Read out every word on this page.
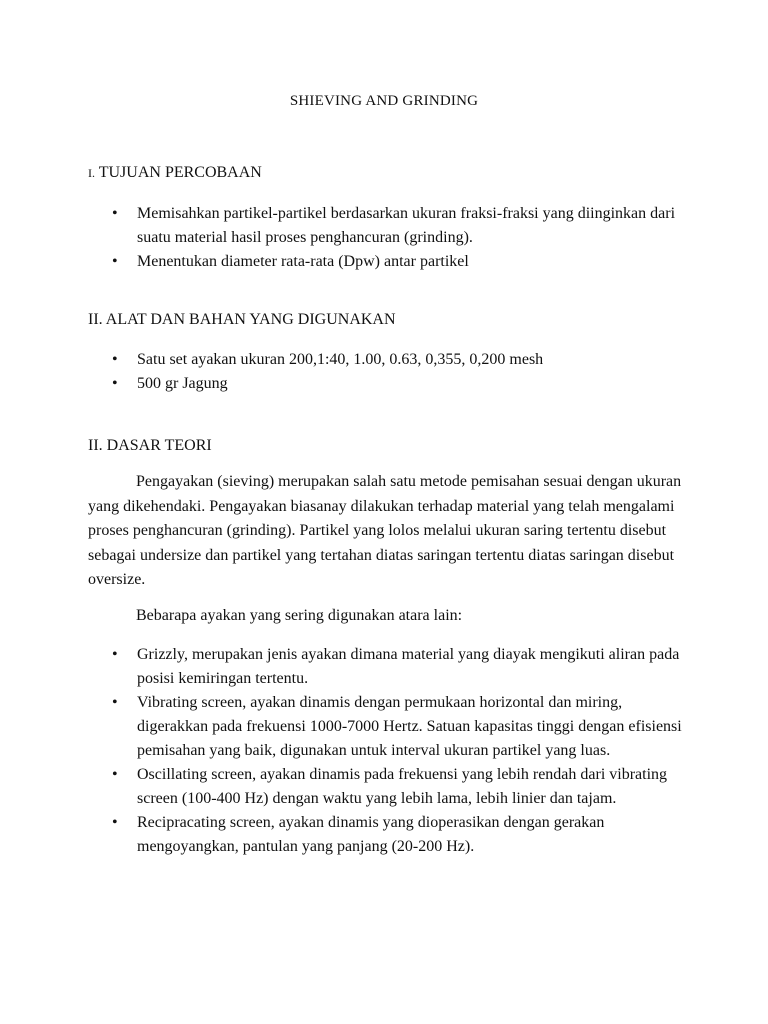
SHIEVING AND GRINDING
I. TUJUAN PERCOBAAN
• Memisahkan partikel-partikel berdasarkan ukuran fraksi-fraksi yang diinginkan dari suatu material hasil proses penghancuran (grinding).
• Menentukan diameter rata-rata (Dpw) antar partikel
II. ALAT DAN BAHAN YANG DIGUNAKAN
• Satu set ayakan ukuran 200,1:40, 1.00, 0.63, 0,355, 0,200 mesh
• 500 gr Jagung
II. DASAR TEORI

Pengayakan (sieving) merupakan salah satu metode pemisahan sesuai dengan ukuran yang dikehendaki. Pengayakan biasanay dilakukan terhadap material yang telah mengalami proses penghancuran (grinding). Partikel yang lolos melalui ukuran saring tertentu disebut sebagai undersize dan partikel yang tertahan diatas saringan tertentu diatas saringan disebut oversize.

Bebarapa ayakan yang sering digunakan atara lain:

• Grizzly, merupakan jenis ayakan dimana material yang diayak mengikuti aliran pada posisi kemiringan tertentu.
• Vibrating screen, ayakan dinamis dengan permukaan horizontal dan miring, digerakkan pada frekuensi 1000-7000 Hertz. Satuan kapasitas tinggi dengan efisiensi pemisahan yang baik, digunakan untuk interval ukuran partikel yang luas.
• Oscillating screen, ayakan dinamis pada frekuensi yang lebih rendah dari vibrating screen (100-400 Hz) dengan waktu yang lebih lama, lebih linier dan tajam.
• Recipracating screen, ayakan dinamis yang dioperasikan dengan gerakan mengoyangkan, pantulan yang panjang (20-200 Hz).
